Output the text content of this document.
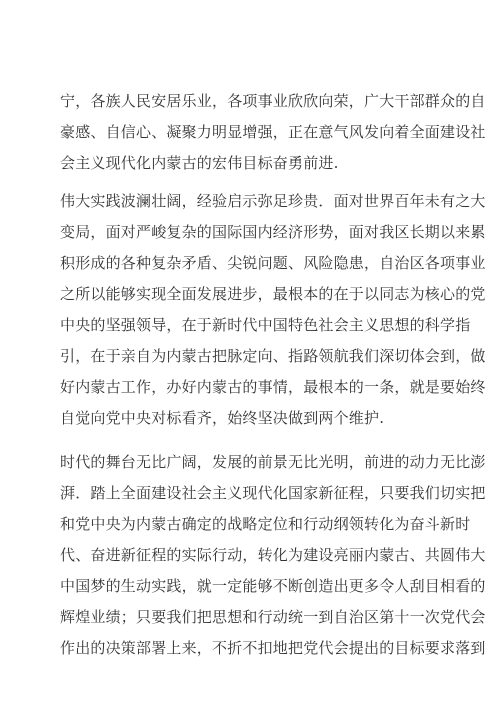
宁，各族人民安居乐业，各项事业欣欣向荣，广大干部群众的自
豪感、自信心、凝聚力明显增强，正在意气风发向着全面建设社
会主义现代化内蒙古的宏伟目标奋勇前进.
伟大实践波澜壮阔，经验启示弥足珍贵．面对世界百年未有之大
变局，面对严峻复杂的国际国内经济形势，面对我区长期以来累
积形成的各种复杂矛盾、尖锐问题、风险隐患，自治区各项事业
之所以能够实现全面发展进步，最根本的在于以同志为核心的党
中央的坚强领导，在于新时代中国特色社会主义思想的科学指
引，在于亲自为内蒙古把脉定向、指路领航我们深切体会到，做
好内蒙古工作，办好内蒙古的事情，最根本的一条，就是要始终
自觉向党中央对标看齐，始终坚决做到两个维护.
时代的舞台无比广阔，发展的前景无比光明，前进的动力无比澎
湃．踏上全面建设社会主义现代化国家新征程，只要我们切实把
和党中央为内蒙古确定的战略定位和行动纲领转化为奋斗新时
代、奋进新征程的实际行动，转化为建设亮丽内蒙古、共圆伟大
中国梦的生动实践，就一定能够不断创造出更多令人刮目相看的
辉煌业绩；只要我们把思想和行动统一到自治区第十一次党代会
作出的决策部署上来，不折不扣地把党代会提出的目标要求落到
